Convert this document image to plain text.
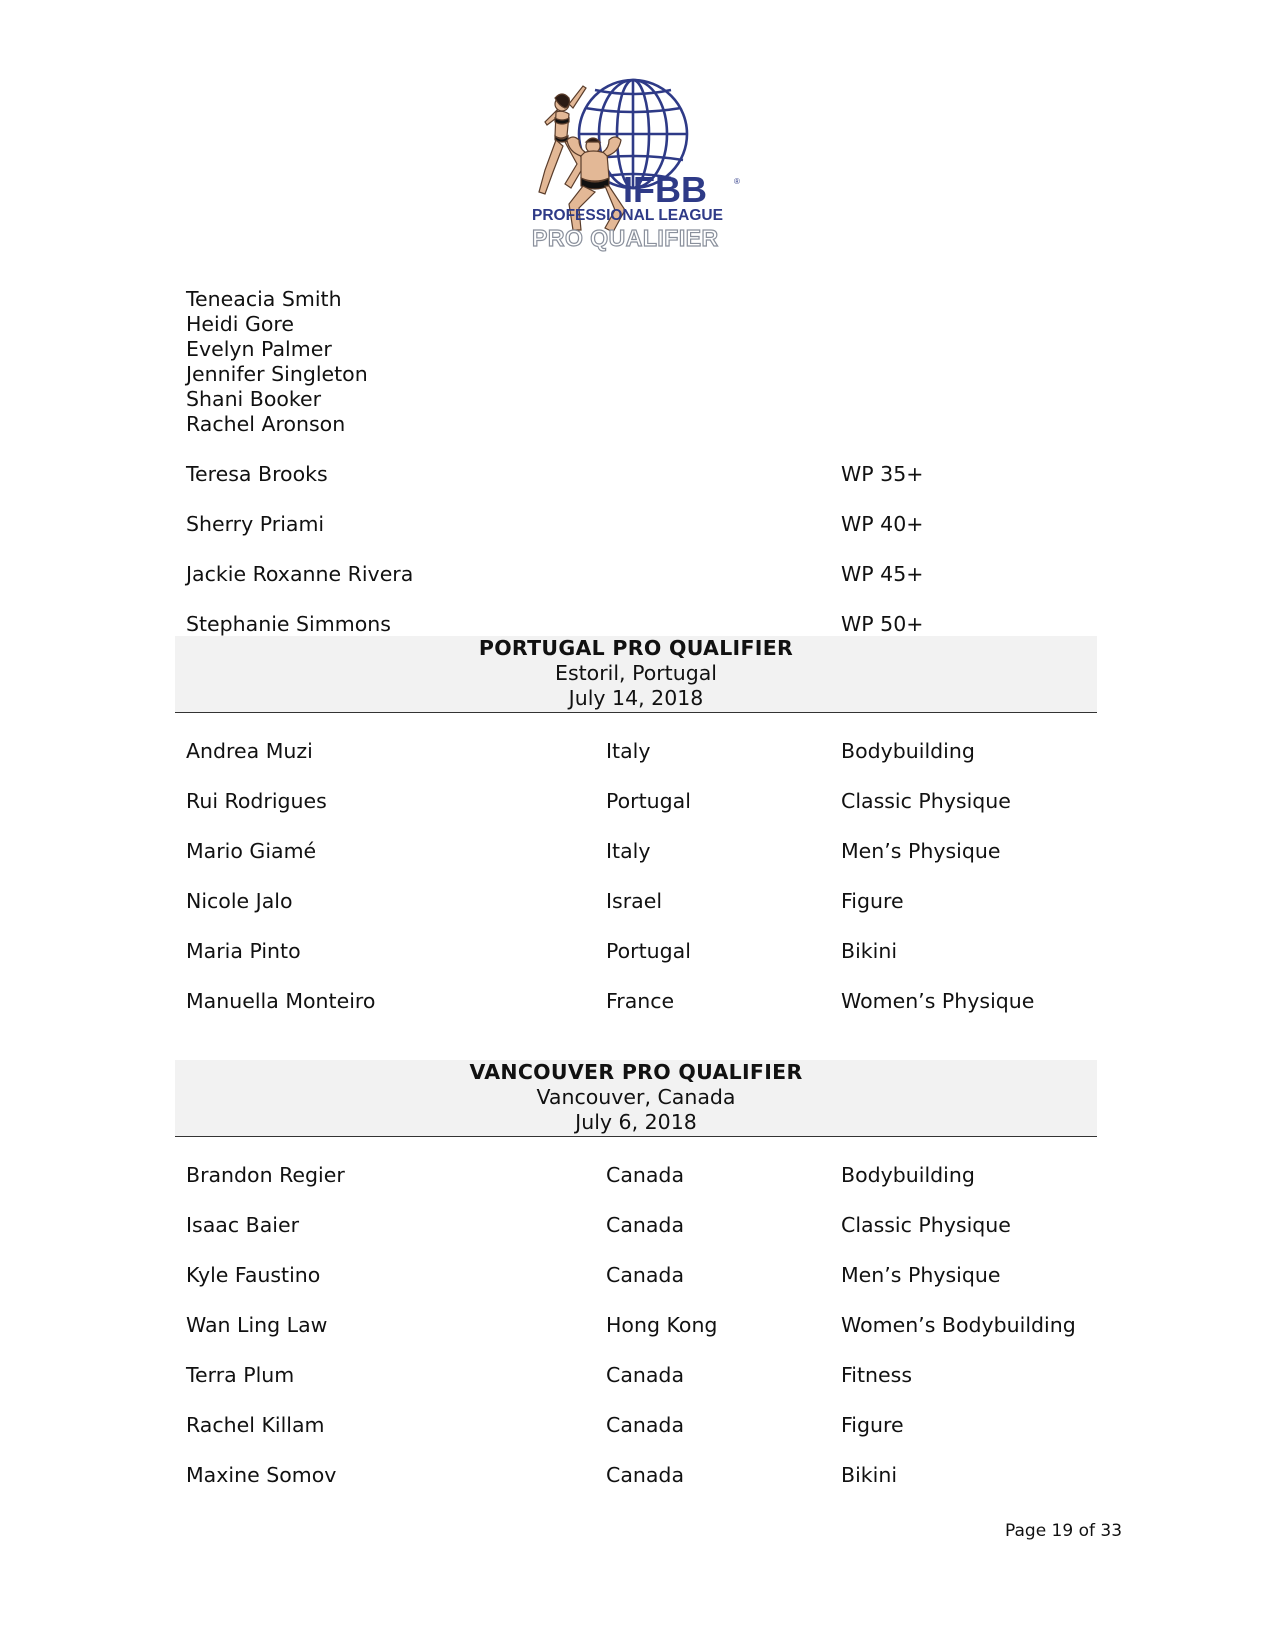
IFBB	®
PROFESSIONAL LEAGUE
PRO QUALIFIER
Teneacia Smith
Heidi Gore
Evelyn Palmer
Jennifer Singleton
Shani Booker
Rachel Aronson
Teresa Brooks	WP 35+
Sherry Priami	WP 40+
Jackie Roxanne Rivera	WP 45+
Stephanie Simmons	WP 50+
PORTUGAL PRO QUALIFIER
Estoril, Portugal
July 14, 2018
Andrea Muzi	Italy	Bodybuilding
Rui Rodrigues	Portugal	Classic Physique
Mario Giamé	Italy	Men’s Physique
Nicole Jalo	Israel	Figure
Maria Pinto	Portugal	Bikini
Manuella Monteiro	France	Women’s Physique
VANCOUVER PRO QUALIFIER
Vancouver, Canada
July 6, 2018
Brandon Regier	Canada	Bodybuilding
Isaac Baier	Canada	Classic Physique
Kyle Faustino	Canada	Men’s Physique
Wan Ling Law	Hong Kong	Women’s Bodybuilding
Terra Plum	Canada	Fitness
Rachel Killam	Canada	Figure
Maxine Somov	Canada	Bikini
Page 19 of 33
